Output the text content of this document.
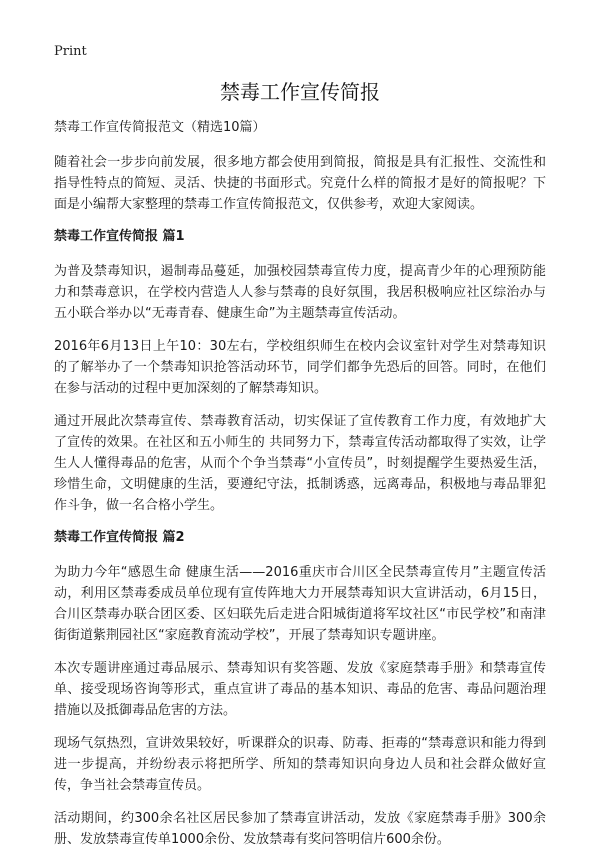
Print
禁毒工作宣传简报

禁毒工作宣传简报范文（精选10篇）

随着社会一步步向前发展，很多地方都会使用到简报，简报是具有汇报性、交流性和指导性特点的简短、灵活、快捷的书面形式。究竟什么样的简报才是好的简报呢？下面是小编帮大家整理的禁毒工作宣传简报范文，仅供参考，欢迎大家阅读。

禁毒工作宣传简报 篇1

为普及禁毒知识，遏制毒品蔓延，加强校园禁毒宣传力度，提高青少年的心理预防能力和禁毒意识，在学校内营造人人参与禁毒的良好氛围，我居积极响应社区综治办与五小联合举办以“无毒青春、健康生命”为主题禁毒宣传活动。

2016年6月13日上午10：30左右，学校组织师生在校内会议室针对学生对禁毒知识的了解举办了一个禁毒知识抢答活动环节，同学们都争先恐后的回答。同时，在他们在参与活动的过程中更加深刻的了解禁毒知识。

通过开展此次禁毒宣传、禁毒教育活动，切实保证了宣传教育工作力度，有效地扩大了宣传的效果。在社区和五小师生的 共同努力下，禁毒宣传活动都取得了实效，让学生人人懂得毒品的危害，从而个个争当禁毒“小宣传员”，时刻提醒学生要热爱生活，珍惜生命，文明健康的生活，要遵纪守法，抵制诱惑，远离毒品，积极地与毒品罪犯作斗争，做一名合格小学生。

禁毒工作宣传简报 篇2

为助力今年“感恩生命 健康生活——2016重庆市合川区全民禁毒宣传月”主题宣传活动，利用区禁毒委成员单位现有宣传阵地大力开展禁毒知识大宣讲活动，6月15日，合川区禁毒办联合团区委、区妇联先后走进合阳城街道将军坟社区“市民学校”和南津街街道紫荆园社区“家庭教育流动学校”，开展了禁毒知识专题讲座。

本次专题讲座通过毒品展示、禁毒知识有奖答题、发放《家庭禁毒手册》和禁毒宣传单、接受现场咨询等形式，重点宣讲了毒品的基本知识、毒品的危害、毒品问题治理措施以及抵御毒品危害的方法。

现场气氛热烈，宣讲效果较好，听课群众的识毒、防毒、拒毒的“禁毒意识和能力得到进一步提高，并纷纷表示将把所学、所知的禁毒知识向身边人员和社会群众做好宣传，争当社会禁毒宣传员。

活动期间，约300余名社区居民参加了禁毒宣讲活动，发放《家庭禁毒手册》300余册、发放禁毒宣传单1000余份、发放禁毒有奖问答明信片600余份。
